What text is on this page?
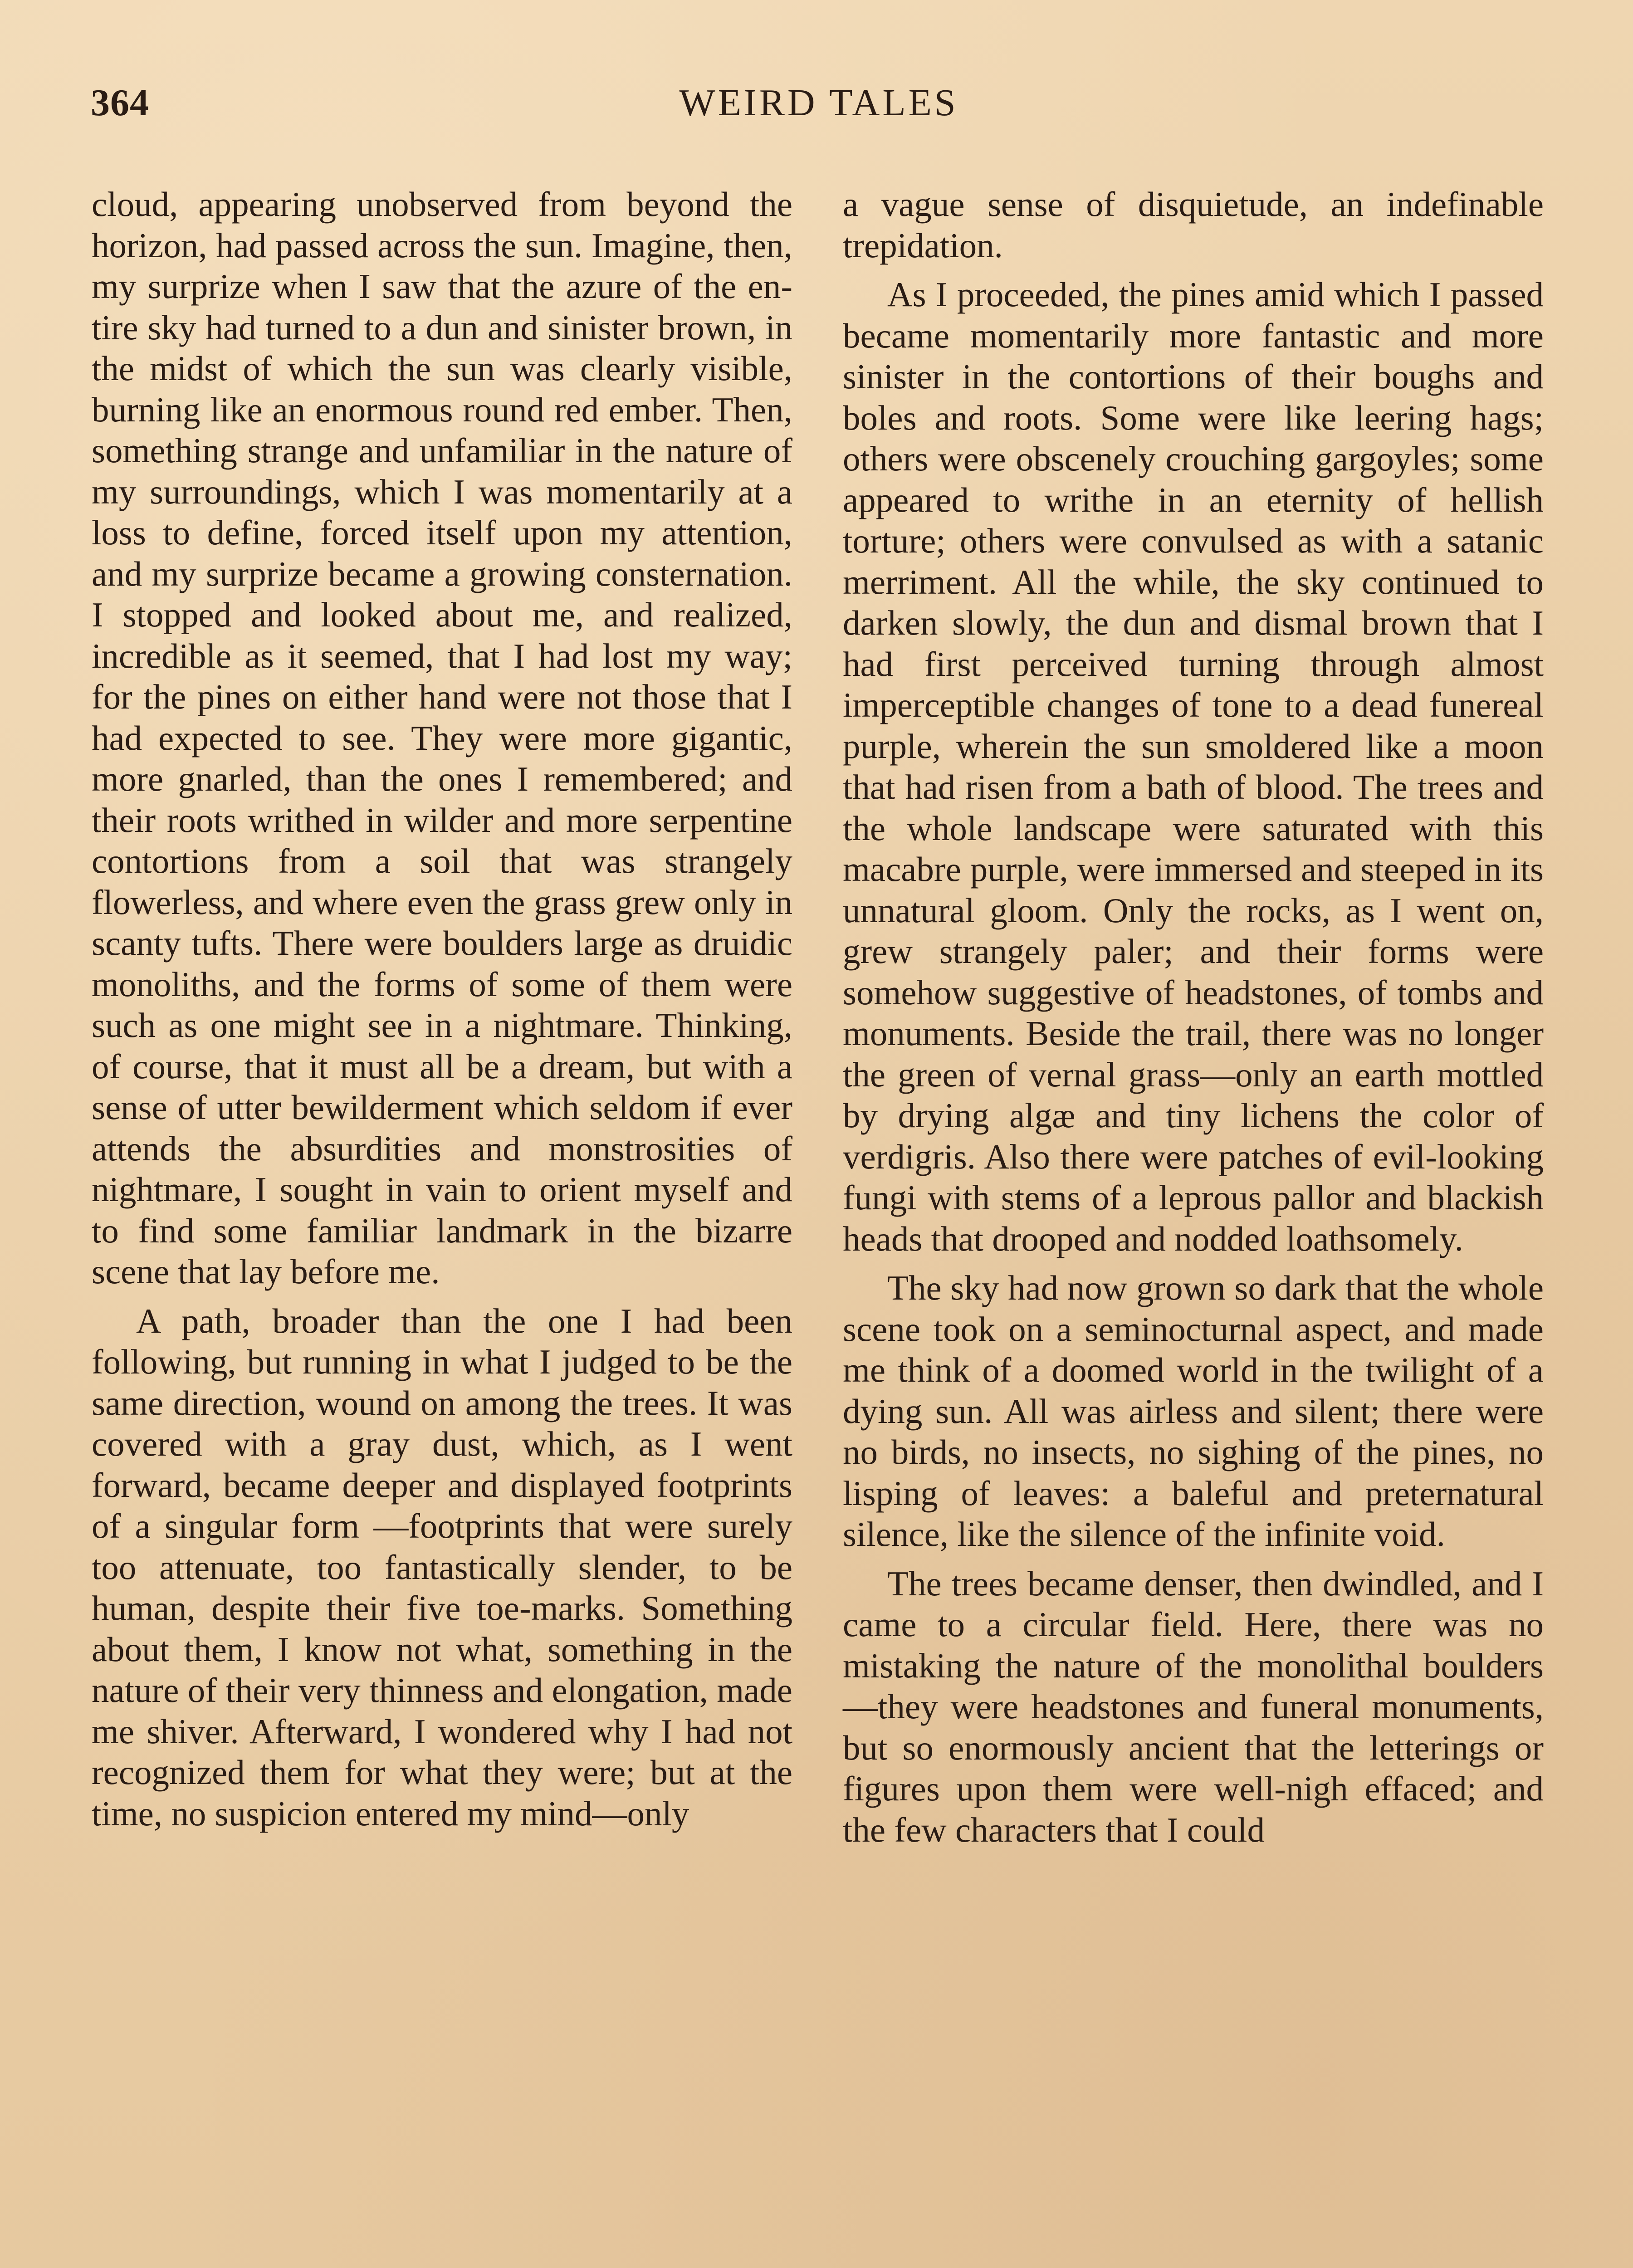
364	WEIRD TALES

cloud, appearing unobserved from beyond the horizon, had passed across the sun. Imagine, then, my surprize when I saw that the azure of the entire sky had turned to a dun and sinister brown, in the midst of which the sun was clearly visible, burning like an enormous round red ember. Then, something strange and unfamiliar in the nature of my surroundings, which I was momentarily at a loss to define, forced itself upon my attention, and my surprize became a growing consternation. I stopped and looked about me, and realized, incredible as it seemed, that I had lost my way; for the pines on either hand were not those that I had expected to see. They were more gigantic, more gnarled, than the ones I remembered; and their roots writhed in wilder and more serpentine contortions from a soil that was strangely flowerless, and where even the grass grew only in scanty tufts. There were boulders large as druidic monoliths, and the forms of some of them were such as one might see in a nightmare. Thinking, of course, that it must all be a dream, but with a sense of utter bewilderment which seldom if ever attends the absurdities and monstrosities of nightmare, I sought in vain to orient myself and to find some familiar landmark in the bizarre scene that lay before me.

A path, broader than the one I had been following, but running in what I judged to be the same direction, wound on among the trees. It was covered with a gray dust, which, as I went forward, became deeper and displayed footprints of a singular form —footprints that were surely too attenuate, too fantastically slender, to be human, despite their five toe-marks. Something about them, I know not what, something in the nature of their very thinness and elongation, made me shiver. Afterward, I wondered why I had not recognized them for what they were; but at the time, no suspicion entered my mind—only

a vague sense of disquietude, an indefinable trepidation.

As I proceeded, the pines amid which I passed became momentarily more fantastic and more sinister in the contortions of their boughs and boles and roots. Some were like leering hags; others were obscenely crouching gargoyles; some appeared to writhe in an eternity of hellish torture; others were convulsed as with a satanic merriment. All the while, the sky continued to darken slowly, the dun and dismal brown that I had first perceived turning through almost imperceptible changes of tone to a dead funereal purple, wherein the sun smoldered like a moon that had risen from a bath of blood. The trees and the whole landscape were saturated with this macabre purple, were immersed and steeped in its unnatural gloom. Only the rocks, as I went on, grew strangely paler; and their forms were somehow suggestive of headstones, of tombs and monuments. Beside the trail, there was no longer the green of vernal grass—only an earth mottled by drying algæ and tiny lichens the color of verdigris. Also there were patches of evil-looking fungi with stems of a leprous pallor and blackish heads that drooped and nodded loathsomely.

The sky had now grown so dark that the whole scene took on a seminocturnal aspect, and made me think of a doomed world in the twilight of a dying sun. All was airless and silent; there were no birds, no insects, no sighing of the pines, no lisping of leaves: a baleful and preternatural silence, like the silence of the infinite void.

The trees became denser, then dwindled, and I came to a circular field. Here, there was no mistaking the nature of the monolithal boulders —they were headstones and funeral monuments, but so enormously ancient that the letterings or figures upon them were well-nigh effaced; and the few characters that I could
